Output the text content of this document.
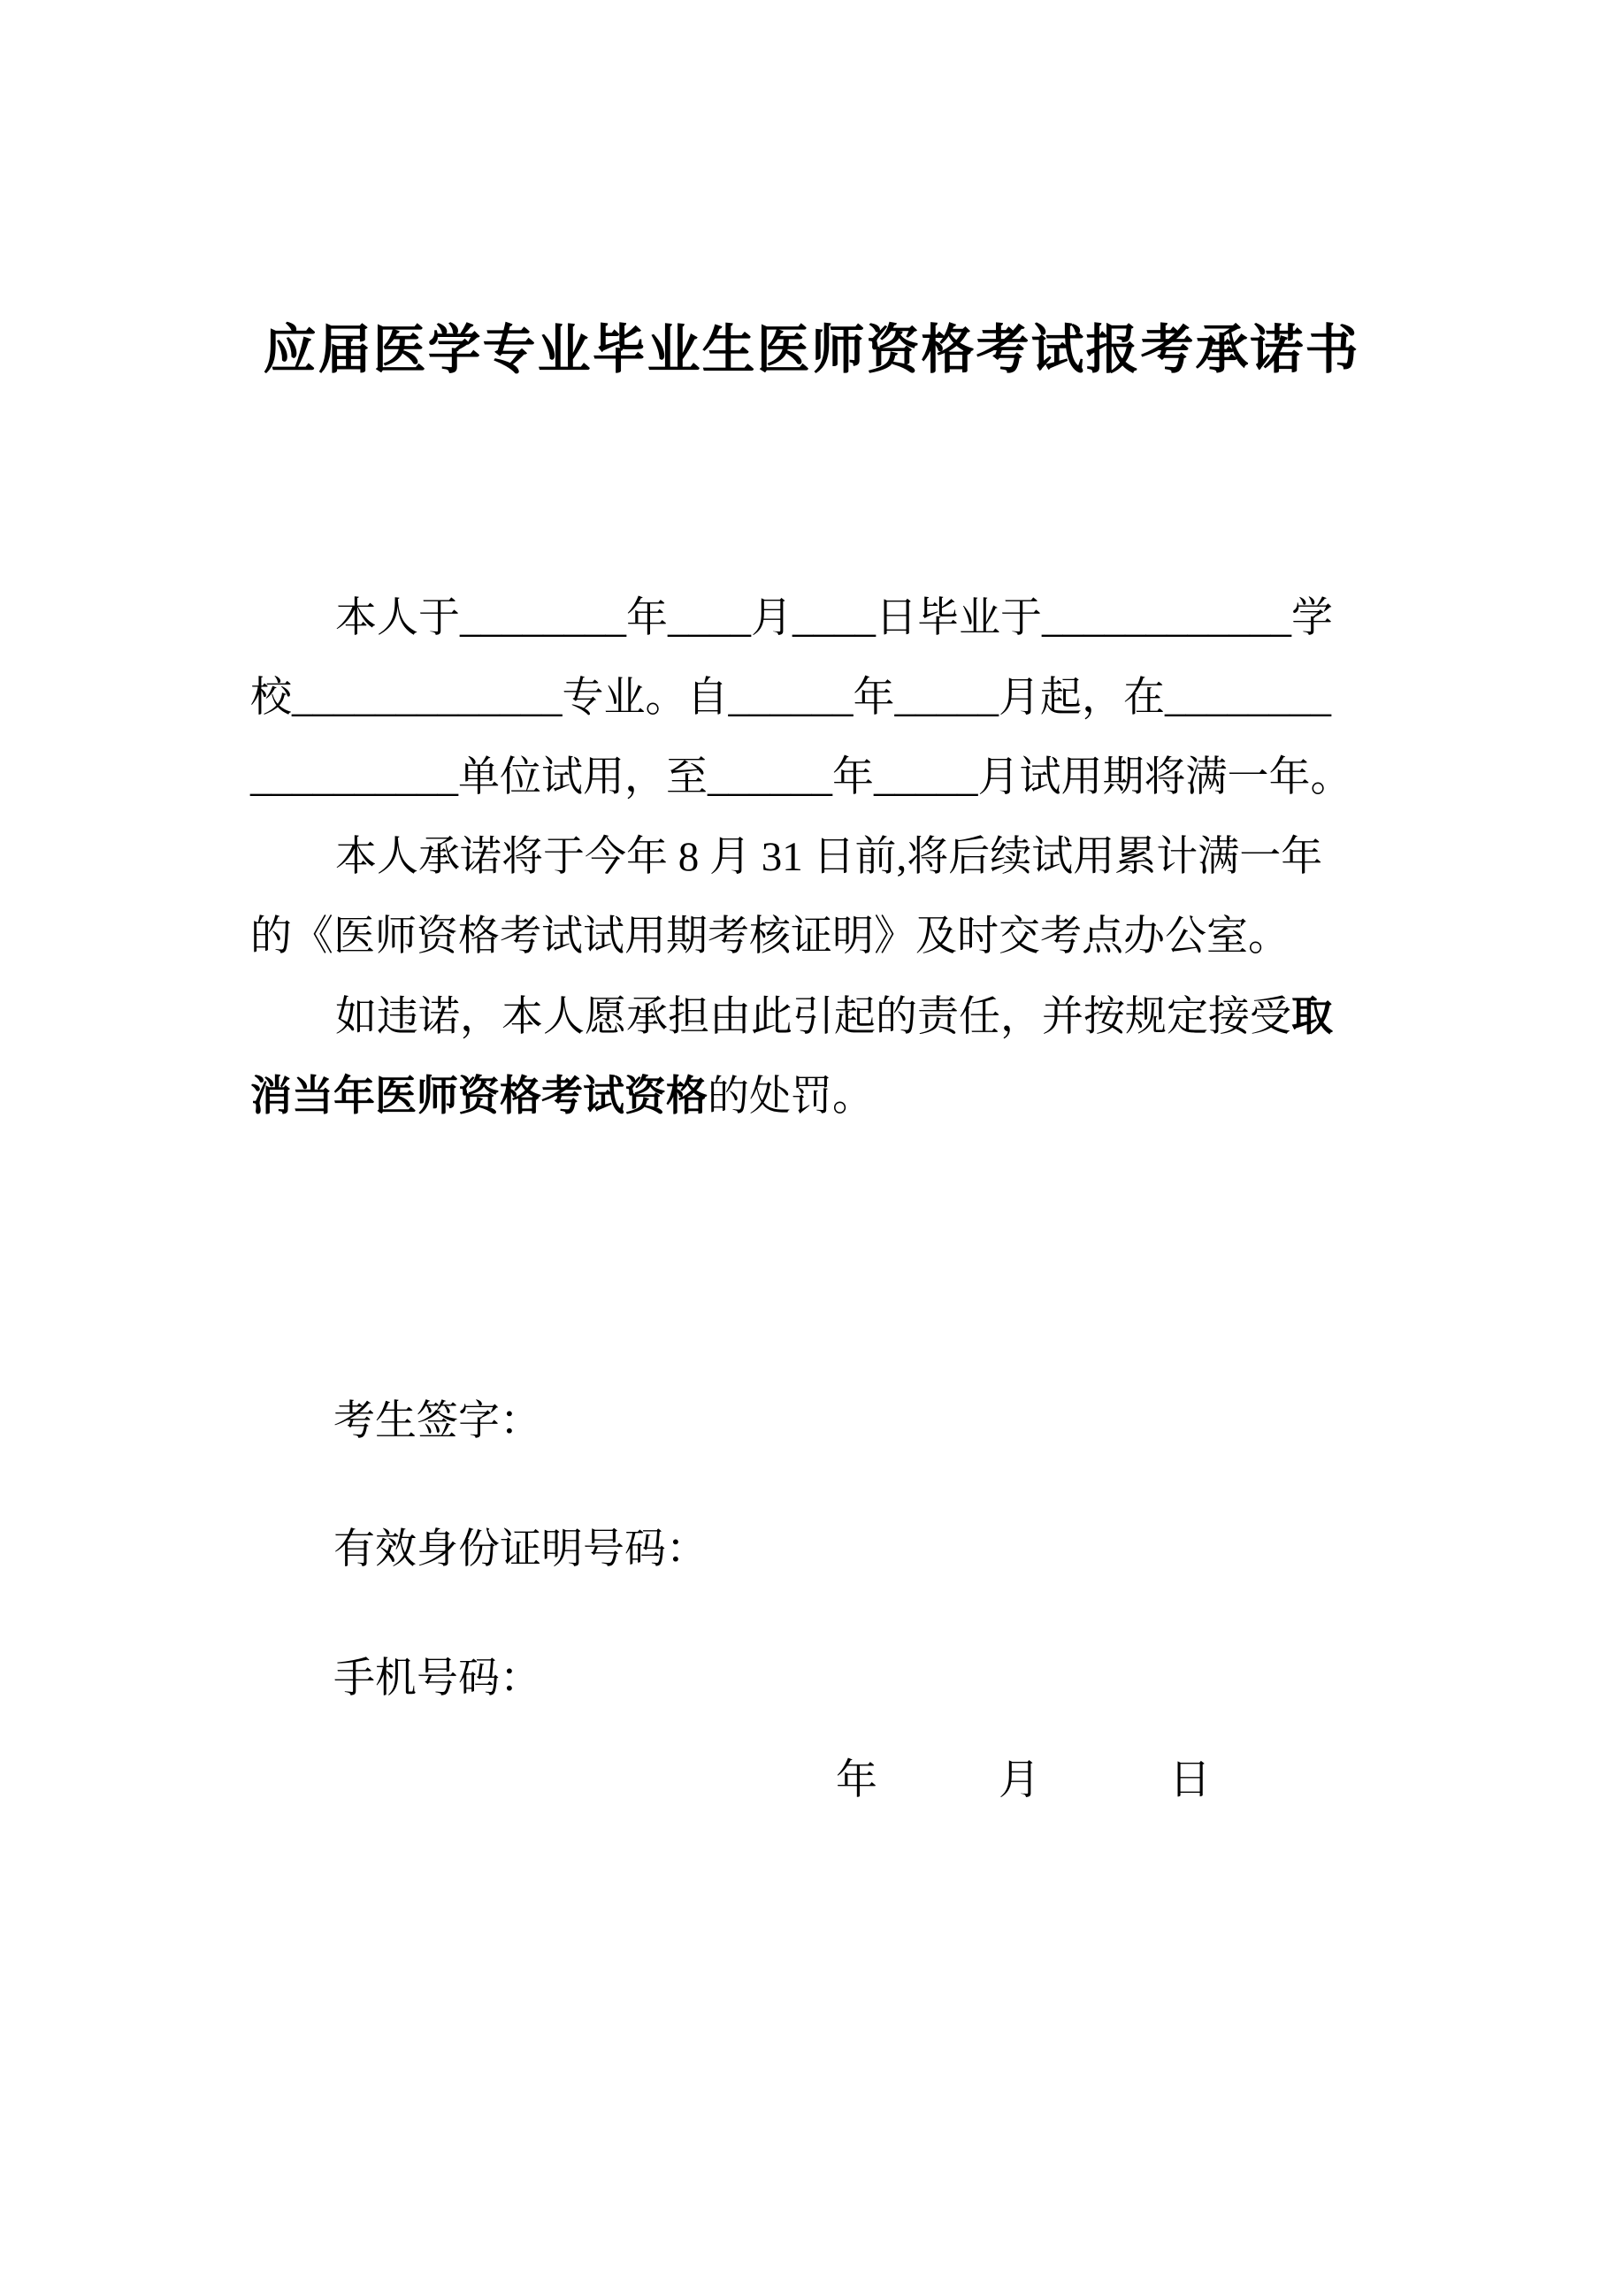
应届医学专业毕业生医师资格考试报考承诺书
本人于________年____月____日毕业于____________学
校_____________专业。自______年_____月起，在________
__________单位试用，至______年_____月试用期将满一年。
本人承诺将于今年 8 月 31 日前,将后续试用累计满一年
的《医师资格考试试用期考核证明》及时交考点办公室。
如违诺，本人愿承担由此引起的责任，并按规定接受取
消当年医师资格考试资格的处罚。
考生签字：
有效身份证明号码：
手机号码：
年	月	日
